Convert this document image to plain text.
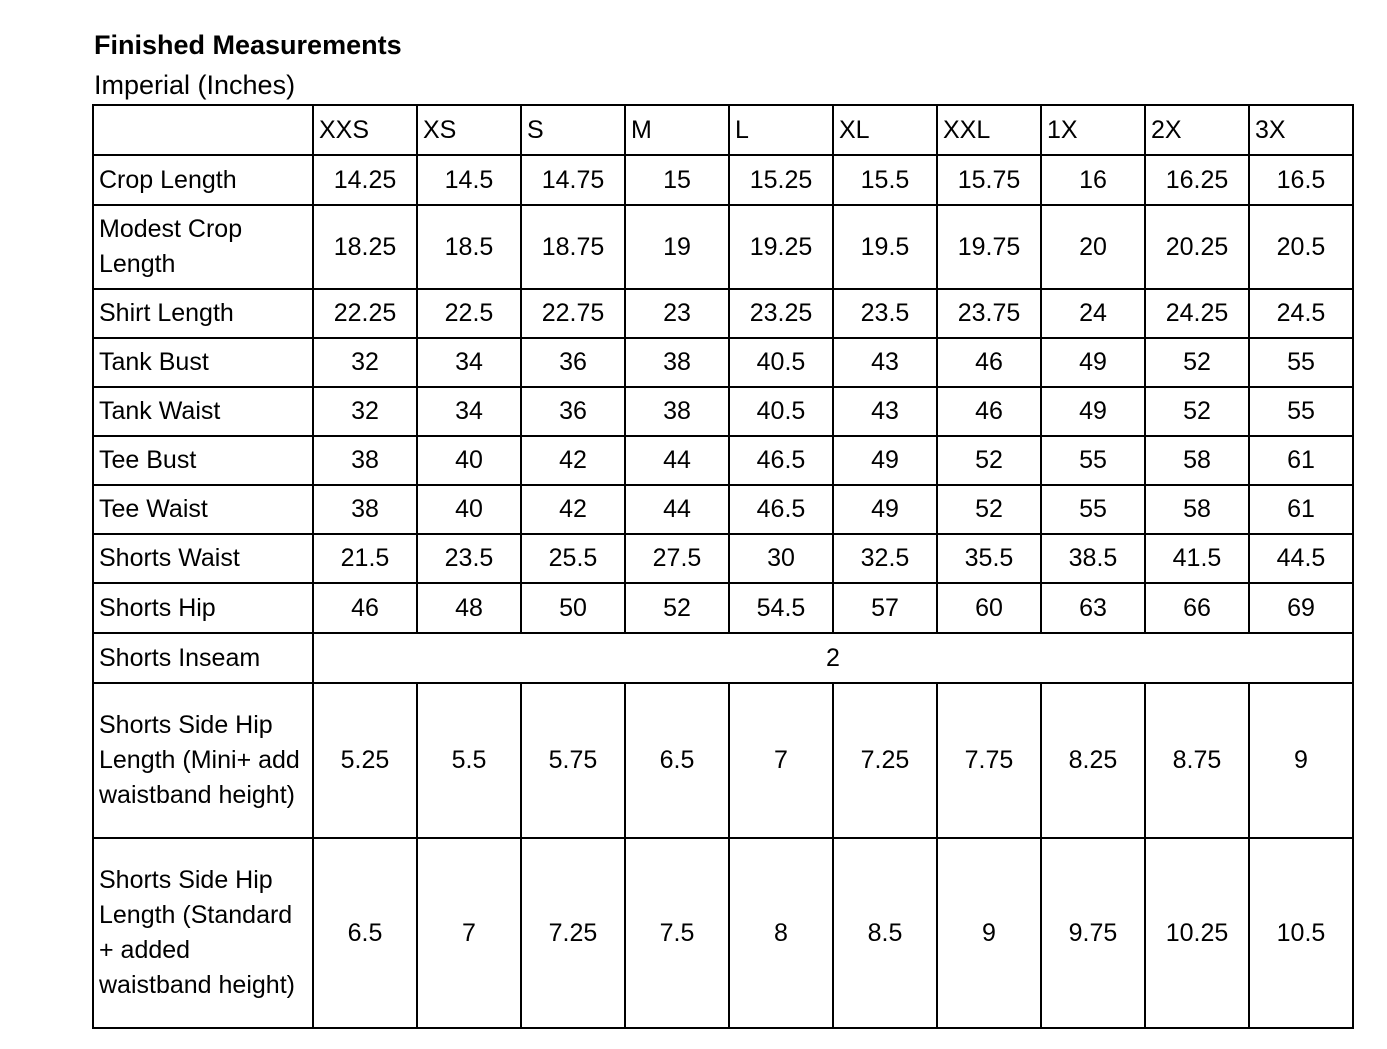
Finished Measurements
Imperial (Inches)
	XXS	XS	S	M	L	XL	XXL	1X	2X	3X
Crop Length	14.25	14.5	14.75	15	15.25	15.5	15.75	16	16.25	16.5
Modest Crop Length	18.25	18.5	18.75	19	19.25	19.5	19.75	20	20.25	20.5
Shirt Length	22.25	22.5	22.75	23	23.25	23.5	23.75	24	24.25	24.5
Tank Bust	32	34	36	38	40.5	43	46	49	52	55
Tank Waist	32	34	36	38	40.5	43	46	49	52	55
Tee Bust	38	40	42	44	46.5	49	52	55	58	61
Tee Waist	38	40	42	44	46.5	49	52	55	58	61
Shorts Waist	21.5	23.5	25.5	27.5	30	32.5	35.5	38.5	41.5	44.5
Shorts Hip	46	48	50	52	54.5	57	60	63	66	69
Shorts Inseam	2									
Shorts Side Hip Length (Mini+ add waistband height)	5.25	5.5	5.75	6.5	7	7.25	7.75	8.25	8.75	9
Shorts Side Hip Length (Standard + added waistband height)	6.5	7	7.25	7.5	8	8.5	9	9.75	10.25	10.5
